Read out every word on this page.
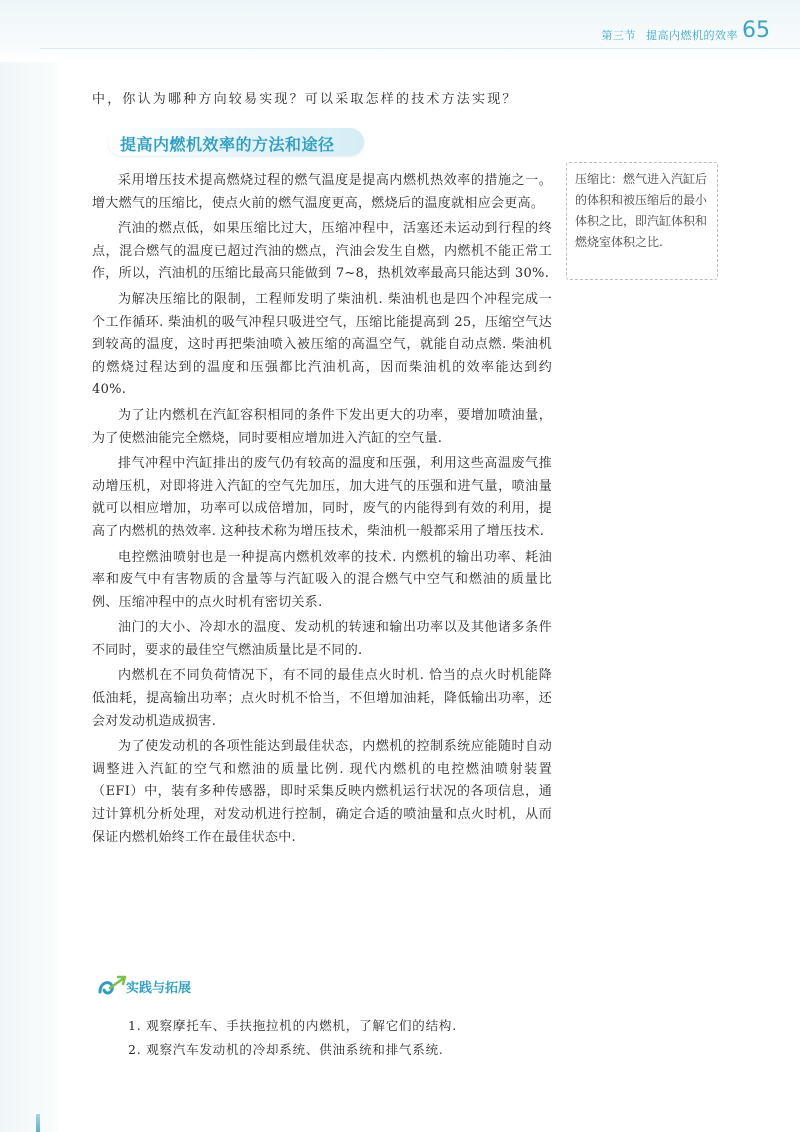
第三节 提高内燃机的效率 65
中，你认为哪种方向较易实现？可以采取怎样的技术方法实现？
提高内燃机效率的方法和途径

采用增压技术提高燃烧过程的燃气温度是提高内燃机热效率的措施之一。增大燃气的压缩比，使点火前的燃气温度更高，燃烧后的温度就相应会更高。

汽油的燃点低，如果压缩比过大，压缩冲程中，活塞还未运动到行程的终点，混合燃气的温度已超过汽油的燃点，汽油会发生自燃，内燃机不能正常工作，所以，汽油机的压缩比最高只能做到 7~8，热机效率最高只能达到 30%.

为解决压缩比的限制，工程师发明了柴油机. 柴油机也是四个冲程完成一个工作循环. 柴油机的吸气冲程只吸进空气，压缩比能提高到 25，压缩空气达到较高的温度，这时再把柴油喷入被压缩的高温空气，就能自动点燃. 柴油机的燃烧过程达到的温度和压强都比汽油机高，因而柴油机的效率能达到约 40%.

为了让内燃机在汽缸容积相同的条件下发出更大的功率，要增加喷油量，为了使燃油能完全燃烧，同时要相应增加进入汽缸的空气量.

排气冲程中汽缸排出的废气仍有较高的温度和压强，利用这些高温废气推动增压机，对即将进入汽缸的空气先加压，加大进气的压强和进气量，喷油量就可以相应增加，功率可以成倍增加，同时，废气的内能得到有效的利用，提高了内燃机的热效率. 这种技术称为增压技术，柴油机一般都采用了增压技术.

电控燃油喷射也是一种提高内燃机效率的技术. 内燃机的输出功率、耗油率和废气中有害物质的含量等与汽缸吸入的混合燃气中空气和燃油的质量比例、压缩冲程中的点火时机有密切关系.

油门的大小、冷却水的温度、发动机的转速和输出功率以及其他诸多条件不同时，要求的最佳空气燃油质量比是不同的.

内燃机在不同负荷情况下，有不同的最佳点火时机. 恰当的点火时机能降低油耗，提高输出功率；点火时机不恰当，不但增加油耗，降低输出功率，还会对发动机造成损害.

为了使发动机的各项性能达到最佳状态，内燃机的控制系统应能随时自动调整进入汽缸的空气和燃油的质量比例. 现代内燃机的电控燃油喷射装置（EFI）中，装有多种传感器，即时采集反映内燃机运行状况的各项信息，通过计算机分析处理，对发动机进行控制，确定合适的喷油量和点火时机，从而保证内燃机始终工作在最佳状态中.

压缩比：燃气进入汽缸后的体积和被压缩后的最小体积之比，即汽缸体积和燃烧室体积之比.
实践与拓展
1. 观察摩托车、手扶拖拉机的内燃机，了解它们的结构.
2. 观察汽车发动机的冷却系统、供油系统和排气系统.
